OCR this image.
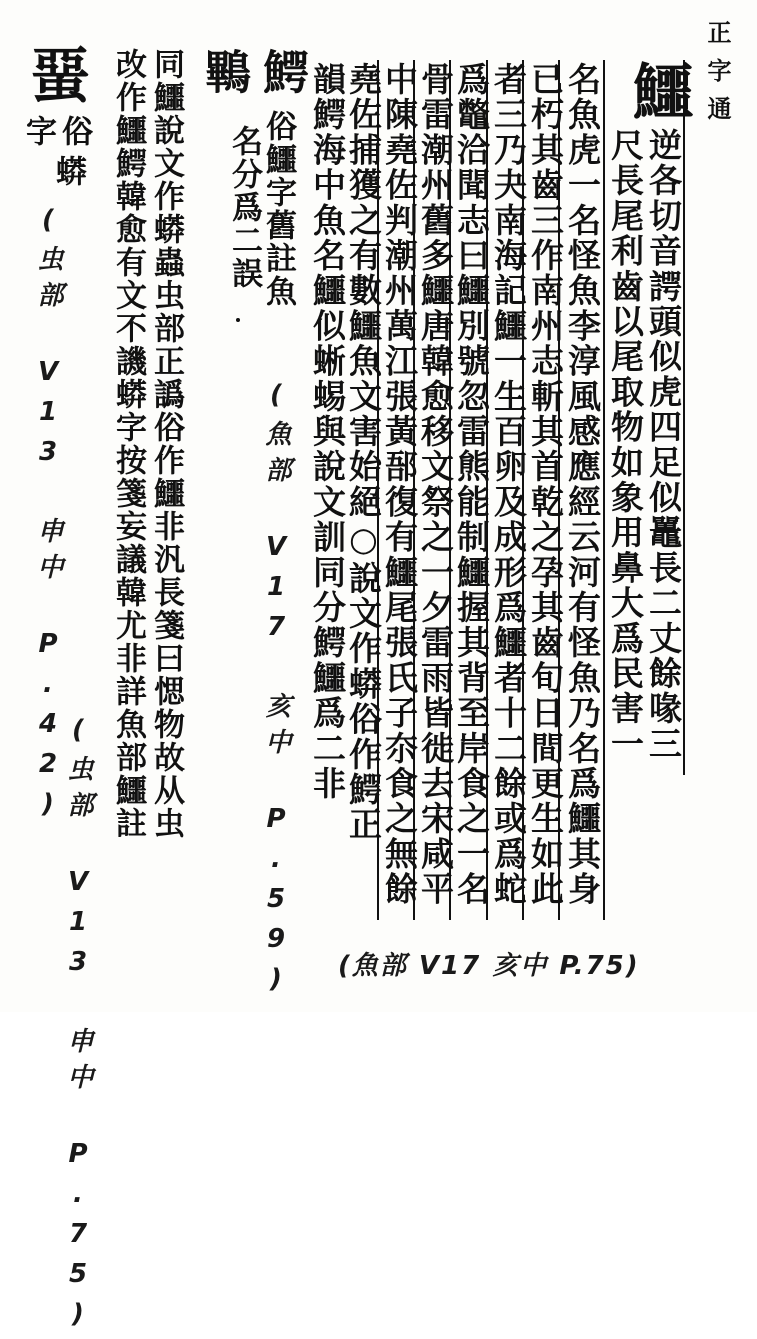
正字通
鱷
逆各切音諤頭似虎四足似鼉長二丈餘喙三
尺長尾利齒以尾取物如象用鼻大爲民害一
名魚虎一名怪魚李淳風感應經云河有怪魚乃名爲鱷其身
已朽其齒三作南州志斬其首乾之孕其齒旬日間更生如此
者三乃夬南海記鱷一生百卵及成形爲鱷者十二餘或爲蛇
爲鼈洽聞志曰鱷別號忽雷熊能制鱷握其背至岸食之一名
骨雷潮州舊多鱷唐韓愈移文祭之一夕雷雨皆徙去宋咸平
中陳堯佐判潮州萬江張黃郚復有鱷尾張氏子夵食之無餘
堯佐捕獲之有數鱷魚文害始絕○說文作蟒俗作鰐正
韻鰐海中魚名鱷似蜥蜴與說文訓同分鰐鱷爲二非
鰐
鷝
俗鱷字舊註魚
名分爲二誤
蝁
俗
字
蟒 同鱷說文作蟒蟲虫部正譌俗作鱷非汎長箋曰愢物故从虫
改作鱷鰐韓愈有文不譏蟒字按箋妄議韓尤非詳魚部鱷註
(虫部 V13 申中 P.42)	(魚部 V17 亥中 P.59)
(虫部 V13 申中 P.75)	(魚部 V17 亥中 P.75)
